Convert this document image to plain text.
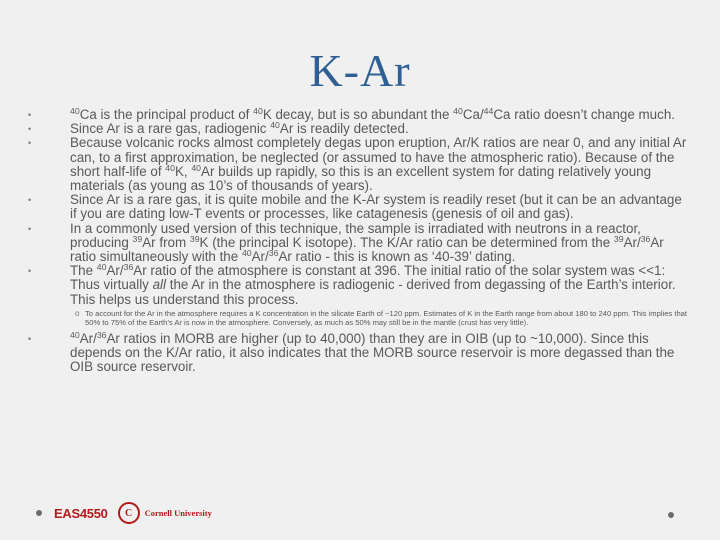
K-Ar
•	$^{40}$Ca is the principal product of $^{40}$K decay, but is so abundant the $^{40}$Ca/$^{44}$Ca ratio doesn’t change much.
•	Since Ar is a rare gas, radiogenic $^{40}$Ar is readily detected.
•	Because volcanic rocks almost completely degas upon eruption, Ar/K ratios are near 0, and any initial Ar can, to a first approximation, be neglected (or assumed to have the atmospheric ratio). Because of the short half-life of $^{40}$K, $^{40}$Ar builds up rapidly, so this is an excellent system for dating relatively young materials (as young as 10’s of thousands of years).
•	Since Ar is a rare gas, it is quite mobile and the K-Ar system is readily reset (but it can be an advantage if you are dating low-T events or processes, like catagenesis (genesis of oil and gas).
•	In a commonly used version of this technique, the sample is irradiated with neutrons in a reactor, producing $^{39}$Ar from $^{39}$K (the principal K isotope). The K/Ar ratio can be determined from the $^{39}$Ar/$^{36}$Ar ratio simultaneously with the $^{40}$Ar/$^{36}$Ar ratio - this is known as ‘40-39’ dating.
•	The $^{40}$Ar/$^{36}$Ar ratio of the atmosphere is constant at 396. The initial ratio of the solar system was <<1: Thus virtually all the Ar in the atmosphere is radiogenic - derived from degassing of the Earth’s interior. This helps us understand this process.
o To account for the Ar in the atmosphere requires a K concentration in the silicate Earth of ~120 ppm. Estimates of K in the Earth range from about 180 to 240 ppm. This implies that 50% to 75% of the Earth’s Ar is now in the atmosphere. Conversely, as much as 50% may still be in the mantle (crust has very little).
•	$^{40}$Ar/$^{36}$Ar ratios in MORB are higher (up to 40,000) than they are in OIB (up to ~10,000). Since this depends on the K/Ar ratio, it also indicates that the MORB source reservoir is more degassed than the OIB source reservoir.
EAS4550 C Cornell University
